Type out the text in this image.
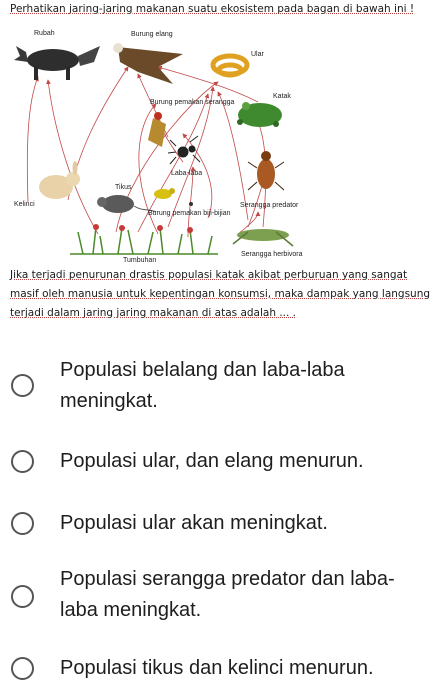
Perhatikan jaring-jaring makanan suatu ekosistem pada bagan di bawah ini !
Rubah	Burung elang
Ular
Katak
Burung pemakan serangga
Laba-laba
Serangga predator
Kelinci
Tikus
Burung pemakan biji-bijian
Tumbuhan
Serangga herbivora
Jika terjadi penurunan drastis populasi katak akibat perburuan yang sangat masif oleh manusia untuk kepentingan konsumsi, maka dampak yang langsung terjadi dalam jaring jaring makanan di atas adalah ... .
Populasi belalang dan laba-laba meningkat.
Populasi ular, dan elang menurun.
Populasi ular akan meningkat.
Populasi serangga predator dan laba-laba meningkat.
Populasi tikus dan kelinci menurun.
